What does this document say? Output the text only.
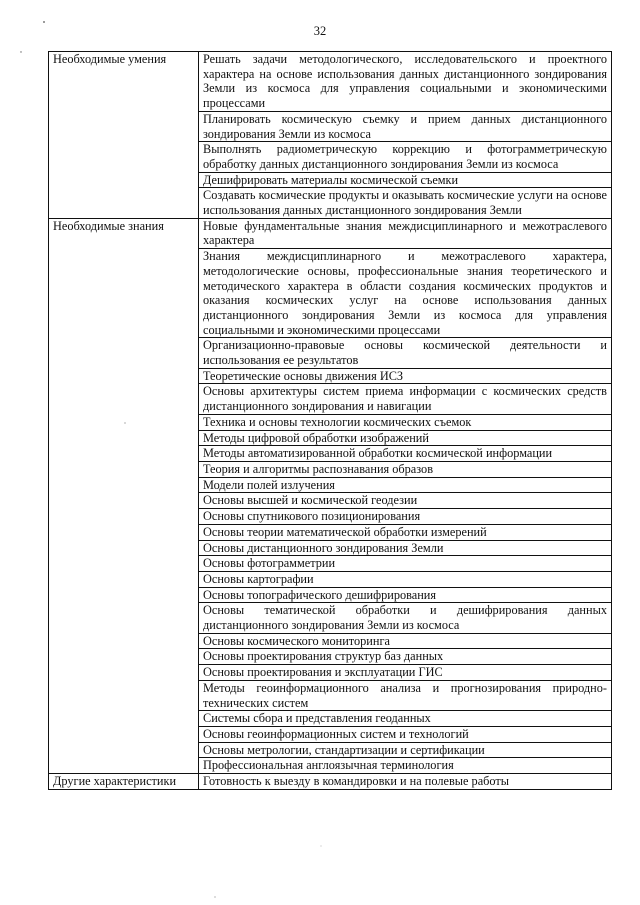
32
Необходимые умения	Решать задачи методологического, исследовательского и проектного характера на основе использования данных дистанционного зондирования Земли из космоса для управления социальными и экономическими процессами
	Планировать космическую съемку и прием данных дистанционного зондирования Земли из космоса
	Выполнять радиометрическую коррекцию и фотограмметрическую обработку данных дистанционного зондирования Земли из космоса
	Дешифрировать материалы космической съемки
	Создавать космические продукты и оказывать космические услуги на основе использования данных дистанционного зондирования Земли
Необходимые знания	Новые фундаментальные знания междисциплинарного и межотраслевого характера
	Знания междисциплинарного и межотраслевого характера, методологические основы, профессиональные знания теоретического и методического характера в области создания космических продуктов и оказания космических услуг на основе использования данных дистанционного зондирования Земли из космоса для управления социальными и экономическими процессами
	Организационно-правовые основы космической деятельности и использования ее результатов
	Теоретические основы движения ИСЗ
	Основы архитектуры систем приема информации с космических средств дистанционного зондирования и навигации
	Техника и основы технологии космических съемок
	Методы цифровой обработки изображений
	Методы автоматизированной обработки космической информации
	Теория и алгоритмы распознавания образов
	Модели полей излучения
	Основы высшей и космической геодезии
	Основы спутникового позиционирования
	Основы теории математической обработки измерений
	Основы дистанционного зондирования Земли
	Основы фотограмметрии
	Основы картографии
	Основы топографического дешифрирования
	Основы тематической обработки и дешифрирования данных дистанционного зондирования Земли из космоса
	Основы космического мониторинга
	Основы проектирования структур баз данных
	Основы проектирования и эксплуатации ГИС
	Методы геоинформационного анализа и прогнозирования природно-технических систем
	Системы сбора и представления геоданных
	Основы геоинформационных систем и технологий
	Основы метрологии, стандартизации и сертификации
	Профессиональная англоязычная терминология
Другие характеристики	Готовность к выезду в командировки и на полевые работы
